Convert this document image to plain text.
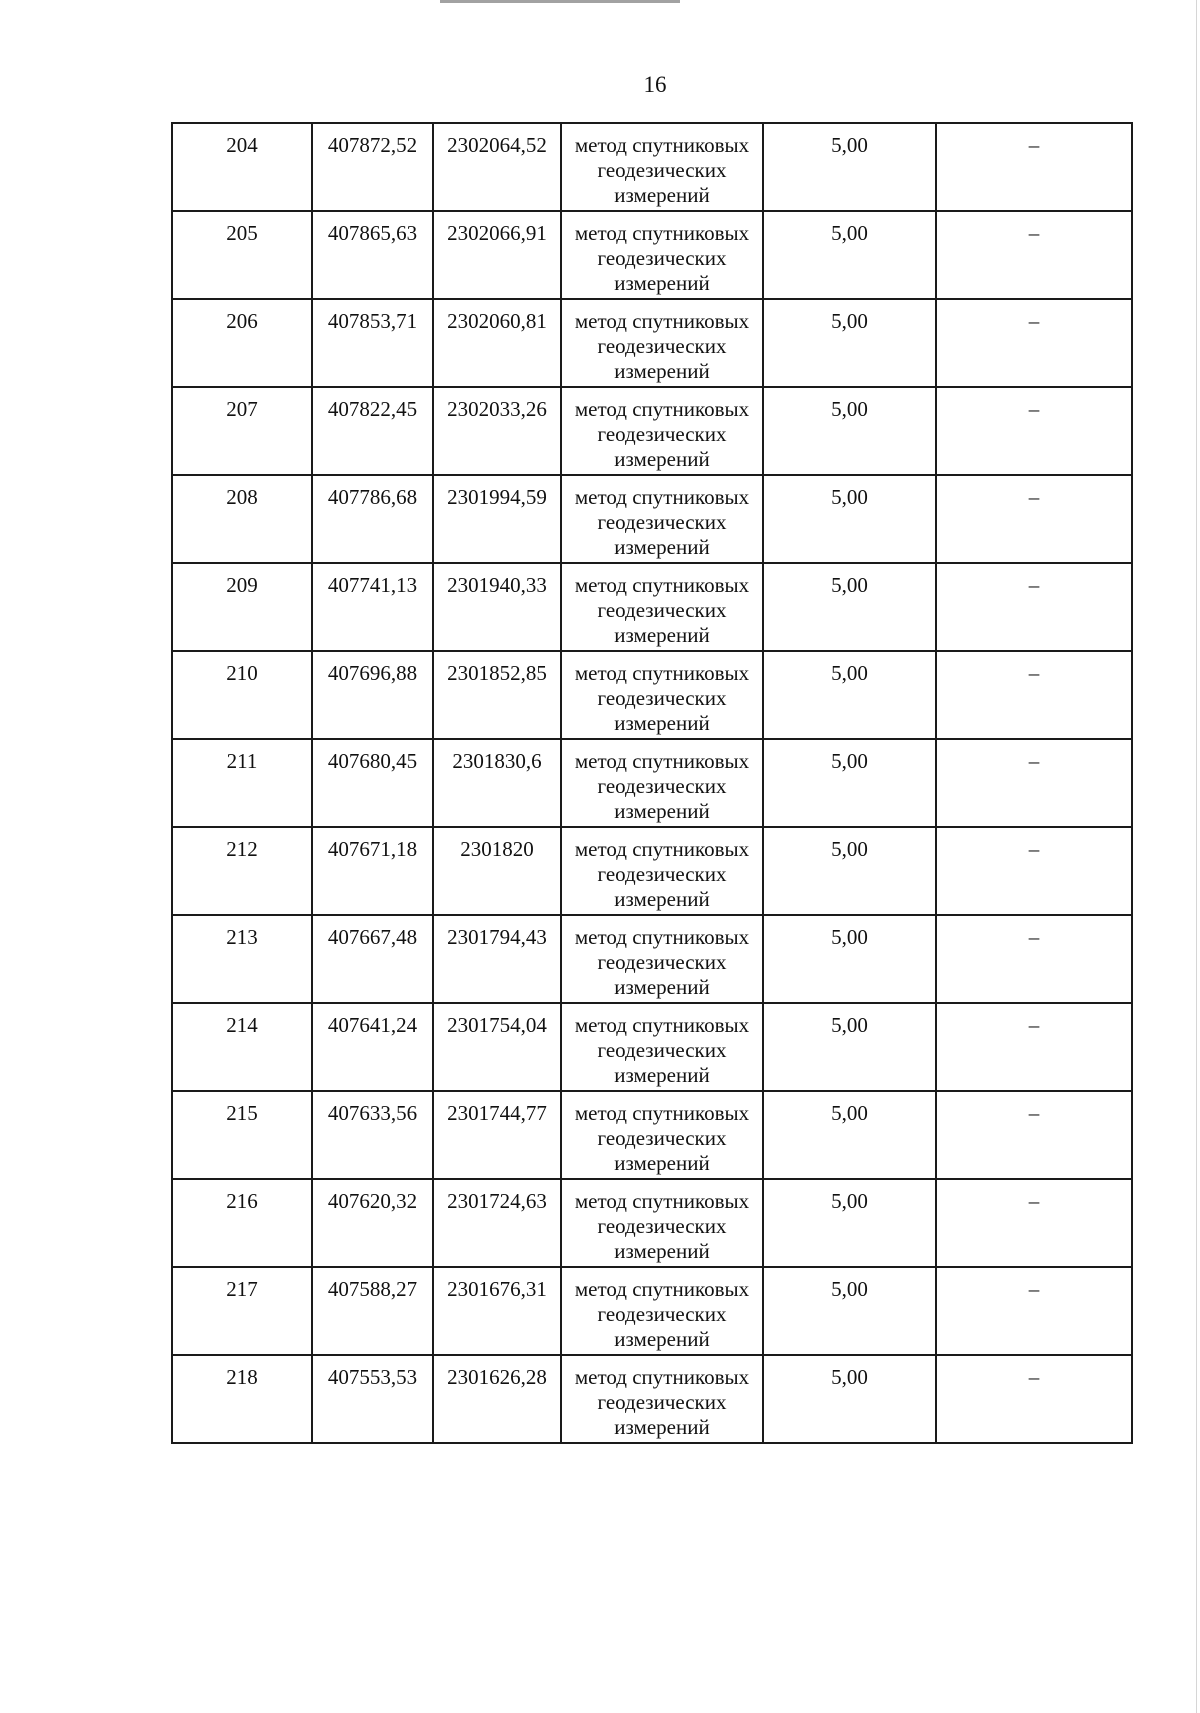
16
204	407872,52	2302064,52	метод спутниковых геодезических измерений	5,00	–
205	407865,63	2302066,91	метод спутниковых геодезических измерений	5,00	–
206	407853,71	2302060,81	метод спутниковых геодезических измерений	5,00	–
207	407822,45	2302033,26	метод спутниковых геодезических измерений	5,00	–
208	407786,68	2301994,59	метод спутниковых геодезических измерений	5,00	–
209	407741,13	2301940,33	метод спутниковых геодезических измерений	5,00	–
210	407696,88	2301852,85	метод спутниковых геодезических измерений	5,00	–
211	407680,45	2301830,6	метод спутниковых геодезических измерений	5,00	–
212	407671,18	2301820	метод спутниковых геодезических измерений	5,00	–
213	407667,48	2301794,43	метод спутниковых геодезических измерений	5,00	–
214	407641,24	2301754,04	метод спутниковых геодезических измерений	5,00	–
215	407633,56	2301744,77	метод спутниковых геодезических измерений	5,00	–
216	407620,32	2301724,63	метод спутниковых геодезических измерений	5,00	–
217	407588,27	2301676,31	метод спутниковых геодезических измерений	5,00	–
218	407553,53	2301626,28	метод спутниковых геодезических измерений	5,00	–
